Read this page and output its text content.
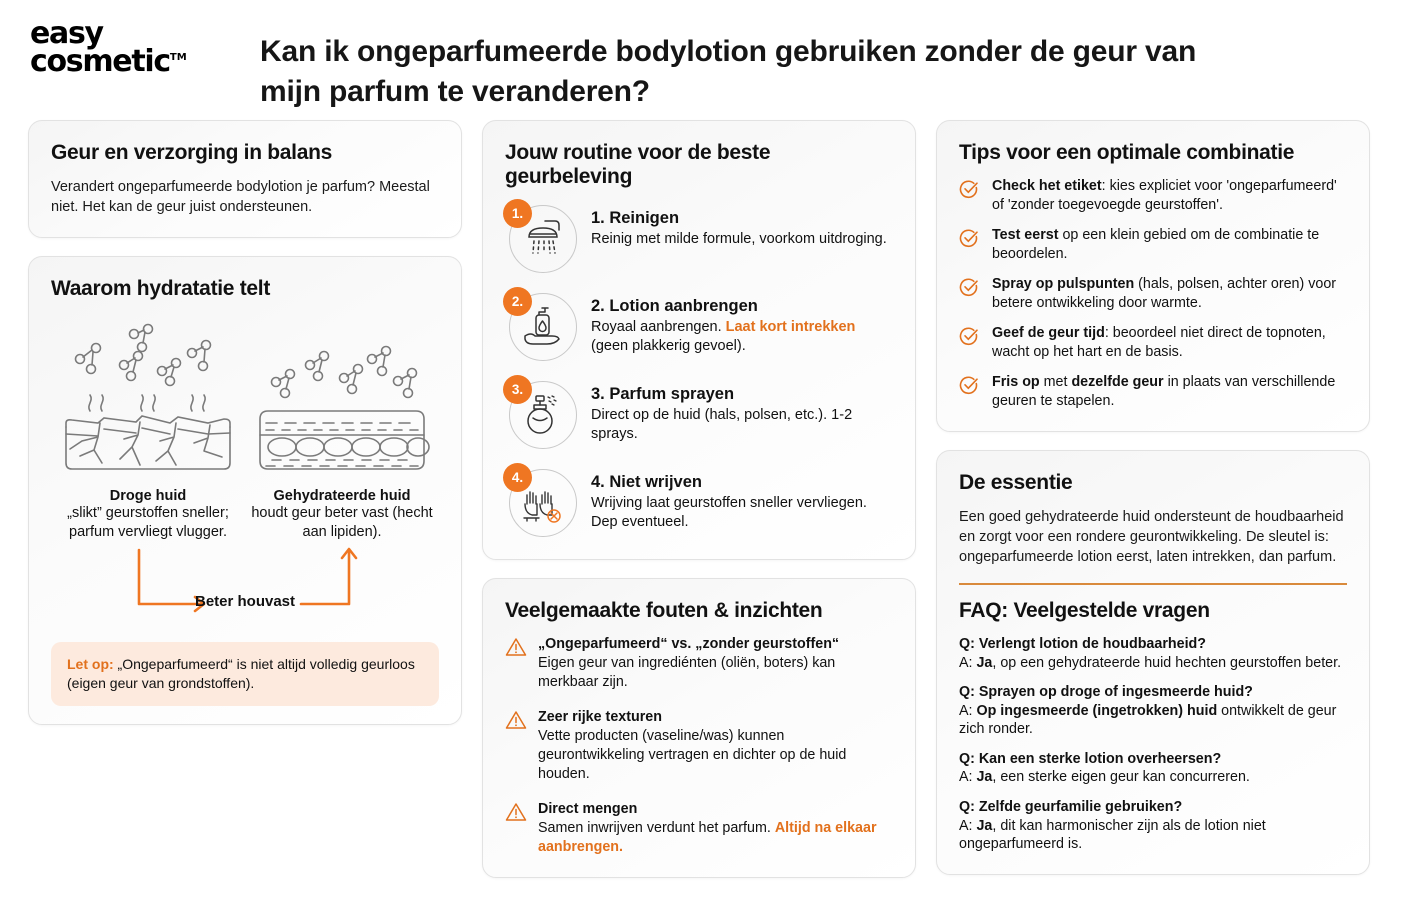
easy
cosmetic™	Kan ik ongeparfumeerde bodylotion gebruiken zonder de geur van mijn parfum te veranderen?
Geur en verzorging in balans

Verandert ongeparfumeerde bodylotion je parfum? Meestal niet. Het kan de geur juist ondersteunen.

Waarom hydratatie telt
Droge huid
„slikt” geurstoffen sneller; parfum vervliegt vlugger.
Gehydrateerde huid
houdt geur beter vast (hecht aan lipiden).
Beter houvast
Let op: „Ongeparfumeerd“ is niet altijd volledig geurloos (eigen geur van grondstoffen).
Jouw routine voor de beste geurbeleving
1.	1. Reinigen
Reinig met milde formule, voorkom uitdroging.
2.	2. Lotion aanbrengen
Royaal aanbrengen. Laat kort intrekken (geen plakkerig gevoel).
3.	3. Parfum sprayen
Direct op de huid (hals, polsen, etc.). 1-2 sprays.
4.	4. Niet wrijven
Wrijving laat geurstoffen sneller vervliegen. Dep eventueel.
Veelgemaakte fouten & inzichten
„Ongeparfumeerd“ vs. „zonder geurstoffen“
Eigen geur van ingrediénten (oliën, boters) kan merkbaar zijn.
Zeer rijke texturen
Vette producten (vaseline/was) kunnen geurontwikkeling vertragen en dichter op de huid houden.
Direct mengen
Samen inwrijven verdunt het parfum. Altijd na elkaar aanbrengen.
Tips voor een optimale combinatie
Check het etiket: kies expliciet voor 'ongeparfumeerd' of 'zonder toegevoegde geurstoffen'.
Test eerst op een klein gebied om de combinatie te beoordelen.
Spray op pulspunten (hals, polsen, achter oren) voor betere ontwikkeling door warmte.
Geef de geur tijd: beoordeel niet direct de topnoten, wacht op het hart en de basis.
Fris op met dezelfde geur in plaats van verschillende geuren te stapelen.
De essentie

Een goed gehydrateerde huid ondersteunt de houdbaarheid en zorgt voor een rondere geurontwikkeling. De sleutel is: ongeparfumeerde lotion eerst, laten intrekken, dan parfum.

FAQ: Veelgestelde vragen
Q: Verlengt lotion de houdbaarheid?
A: Ja, op een gehydrateerde huid hechten geurstoffen beter.
Q: Sprayen op droge of ingesmeerde huid?
A: Op ingesmeerde (ingetrokken) huid ontwikkelt de geur zich ronder.
Q: Kan een sterke lotion overheersen?
A: Ja, een sterke eigen geur kan concurreren.
Q: Zelfde geurfamilie gebruiken?
A: Ja, dit kan harmonischer zijn als de lotion niet ongeparfumeerd is.
